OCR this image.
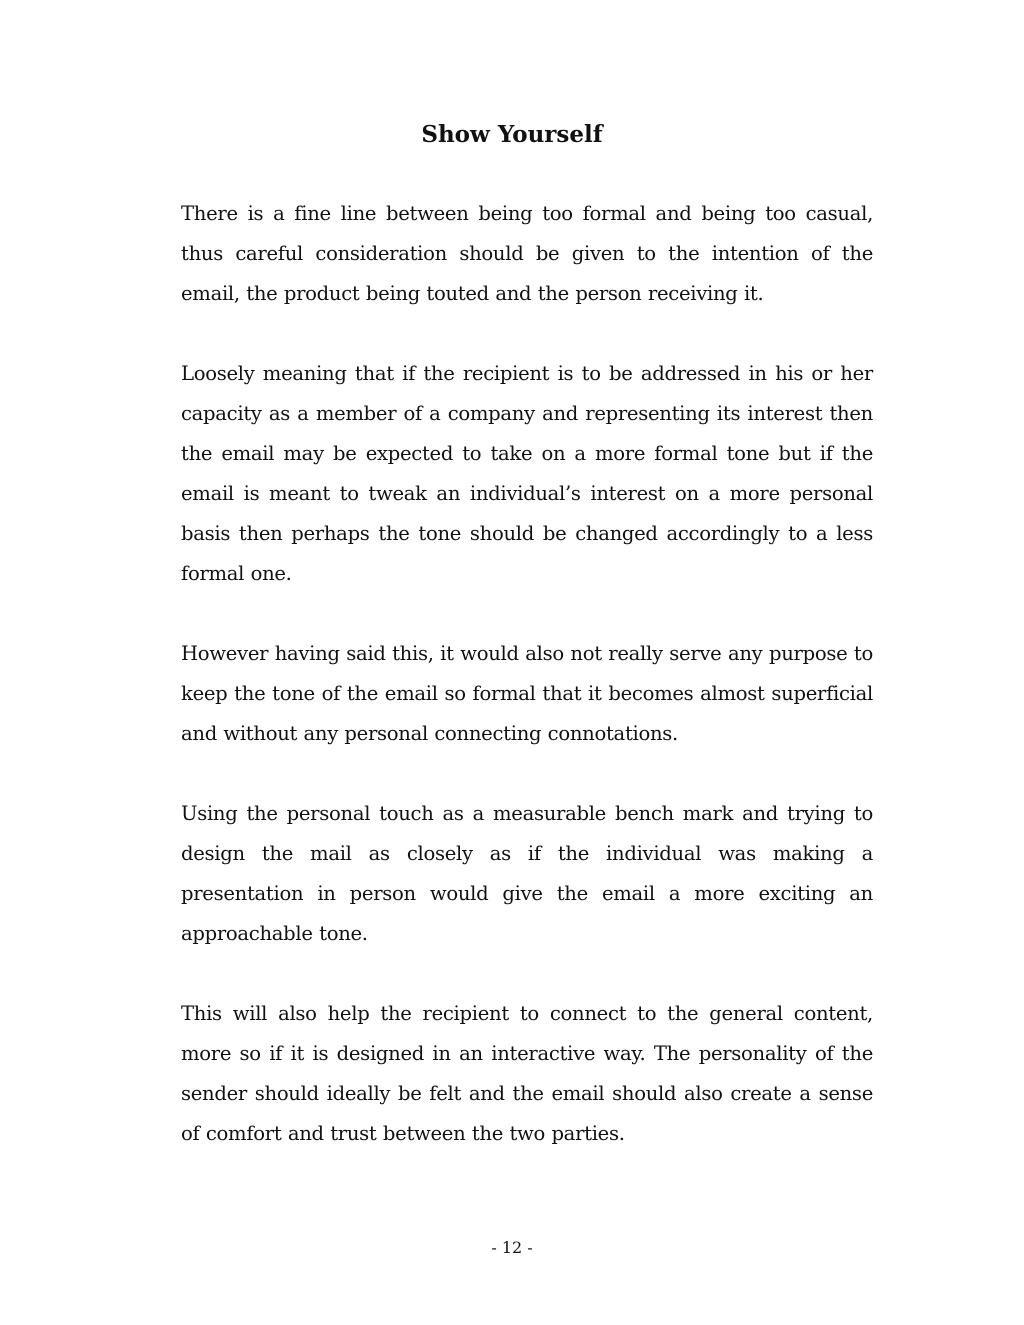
Show Yourself

There is a fine line between being too formal and being too casual, thus careful consideration should be given to the intention of the email, the product being touted and the person receiving it.

Loosely meaning that if the recipient is to be addressed in his or her capacity as a member of a company and representing its interest then the email may be expected to take on a more formal tone but if the email is meant to tweak an individual’s interest on a more personal basis then perhaps the tone should be changed accordingly to a less formal one.

However having said this, it would also not really serve any purpose to keep the tone of the email so formal that it becomes almost superficial and without any personal connecting connotations.

Using the personal touch as a measurable bench mark and trying to design the mail as closely as if the individual was making a presentation in person would give the email a more exciting an approachable tone.

This will also help the recipient to connect to the general content, more so if it is designed in an interactive way. The personality of the sender should ideally be felt and the email should also create a sense of comfort and trust between the two parties.

- 12 -
